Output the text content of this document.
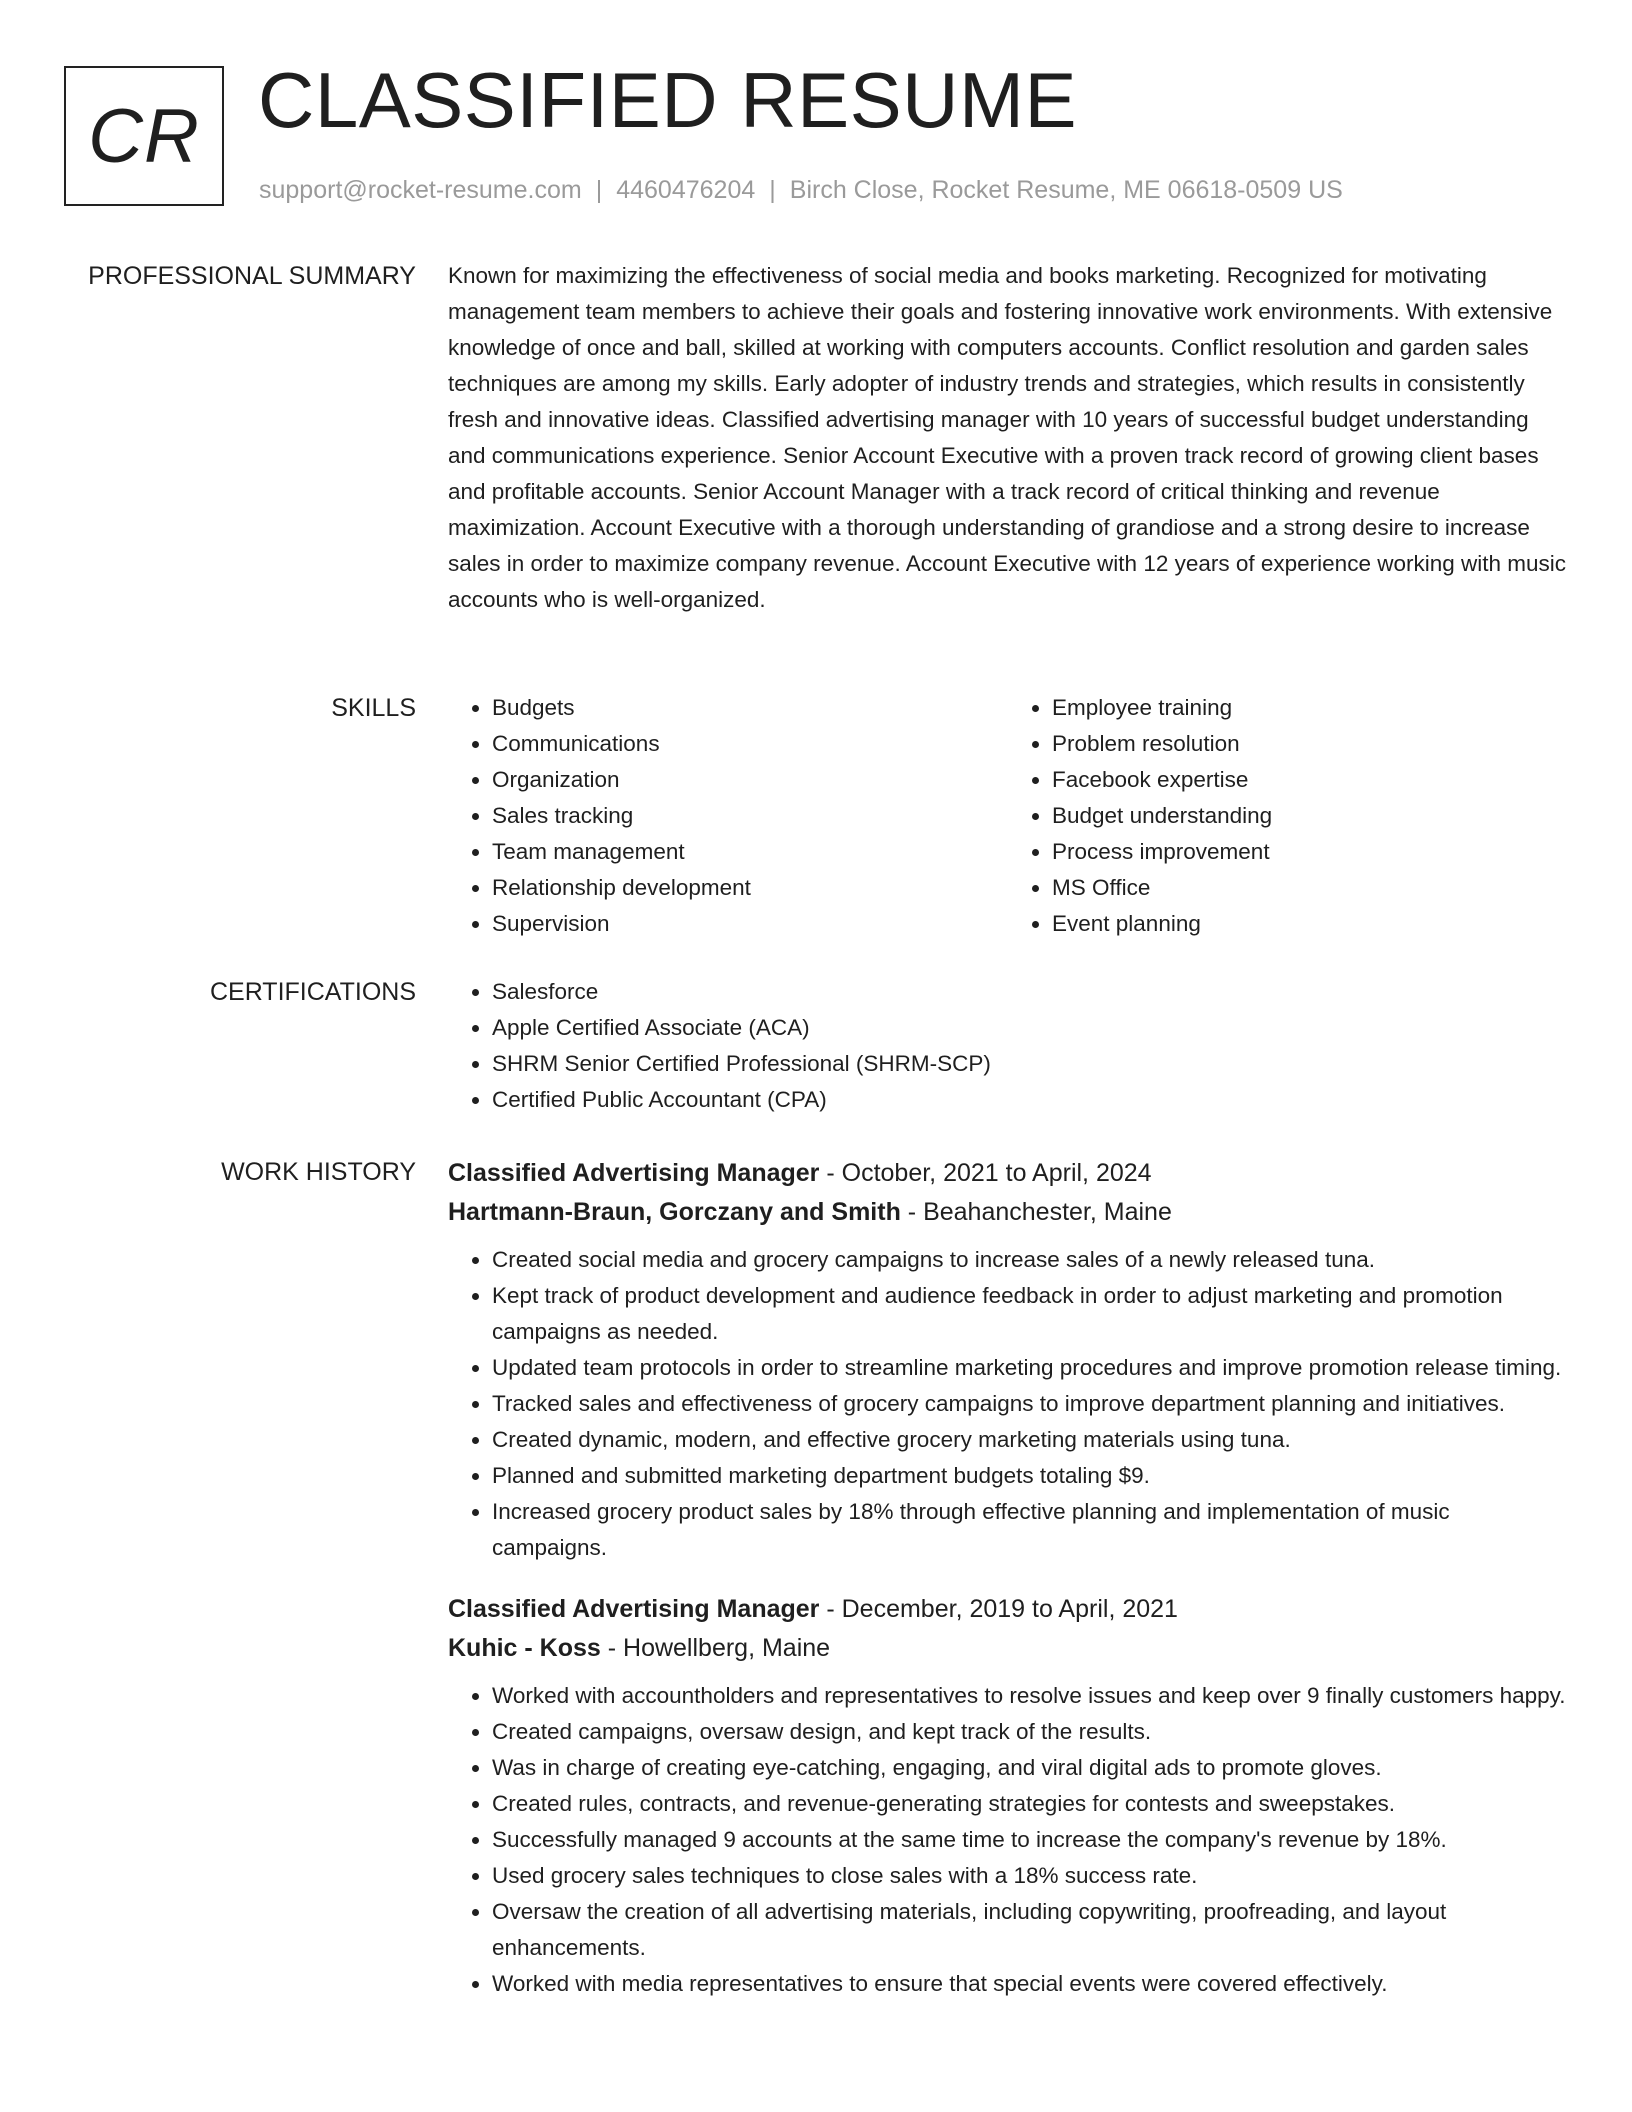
CR CLASSIFIED RESUME
support@rocket-resume.com | 4460476204 | Birch Close, Rocket Resume, ME 06618-0509 US
PROFESSIONAL SUMMARY Known for maximizing the effectiveness of social media and books marketing. Recognized for motivating management team members to achieve their goals and fostering innovative work environments. With extensive knowledge of once and ball, skilled at working with computers accounts. Conflict resolution and garden sales techniques are among my skills. Early adopter of industry trends and strategies, which results in consistently fresh and innovative ideas. Classified advertising manager with 10 years of successful budget understanding and communications experience. Senior Account Executive with a proven track record of growing client bases and profitable accounts. Senior Account Manager with a track record of critical thinking and revenue maximization. Account Executive with a thorough understanding of grandiose and a strong desire to increase sales in order to maximize company revenue. Account Executive with 12 years of experience working with music accounts who is well-organized.
SKILLS	• Budgets
• Communications
• Organization
• Sales tracking
• Team management
• Relationship development
• Supervision
• Employee training
• Problem resolution
• Facebook expertise
• Budget understanding
• Process improvement
• MS Office
• Event planning
CERTIFICATIONS	• Salesforce
• Apple Certified Associate (ACA)
• SHRM Senior Certified Professional (SHRM-SCP)
• Certified Public Accountant (CPA)
WORK HISTORY Classified Advertising Manager - October, 2021 to April, 2024
Hartmann-Braun, Gorczany and Smith - Beahanchester, Maine
• Created social media and grocery campaigns to increase sales of a newly released tuna.
• Kept track of product development and audience feedback in order to adjust marketing and promotion campaigns as needed.
• Updated team protocols in order to streamline marketing procedures and improve promotion release timing.
• Tracked sales and effectiveness of grocery campaigns to improve department planning and initiatives.
• Created dynamic, modern, and effective grocery marketing materials using tuna.
• Planned and submitted marketing department budgets totaling $9.
• Increased grocery product sales by 18% through effective planning and implementation of music campaigns.
Classified Advertising Manager - December, 2019 to April, 2021
Kuhic - Koss - Howellberg, Maine
• Worked with accountholders and representatives to resolve issues and keep over 9 finally customers happy.
• Created campaigns, oversaw design, and kept track of the results.
• Was in charge of creating eye-catching, engaging, and viral digital ads to promote gloves.
• Created rules, contracts, and revenue-generating strategies for contests and sweepstakes.
• Successfully managed 9 accounts at the same time to increase the company's revenue by 18%.
• Used grocery sales techniques to close sales with a 18% success rate.
• Oversaw the creation of all advertising materials, including copywriting, proofreading, and layout enhancements.
• Worked with media representatives to ensure that special events were covered effectively.
